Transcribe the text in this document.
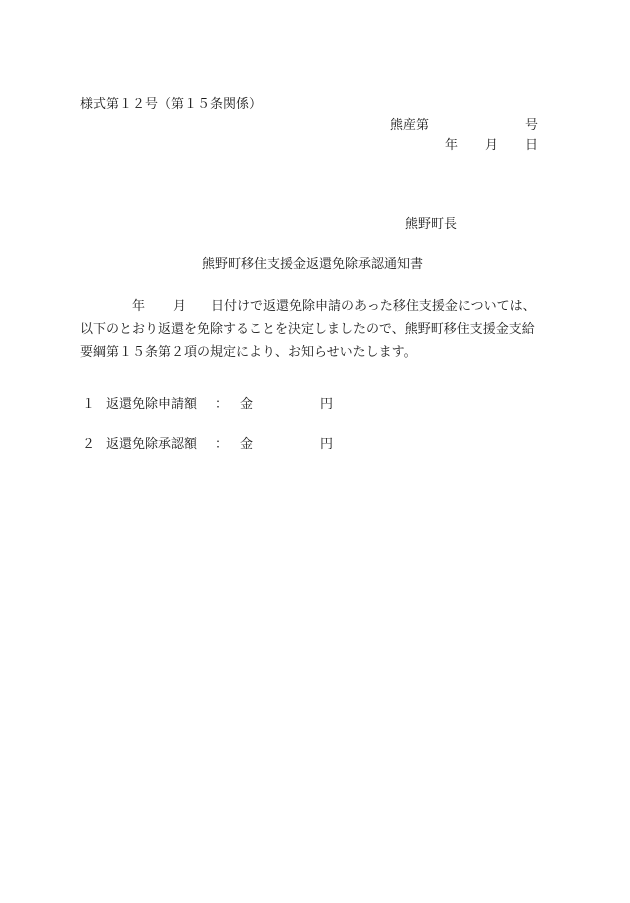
様式第１２号（第１５条関係）
熊産第	号
年 月 日
熊野町長
熊野町移住支援金返還免除承認通知書
年 月 日付けで返還免除申請のあった移住支援金については、
以下のとおり返還を免除することを決定しましたので、熊野町移住支援金支給
要綱第１５条第２項の規定により、お知らせいたします。
１ 返還免除申請額 ： 金	円
２ 返還免除承認額 ： 金	円
